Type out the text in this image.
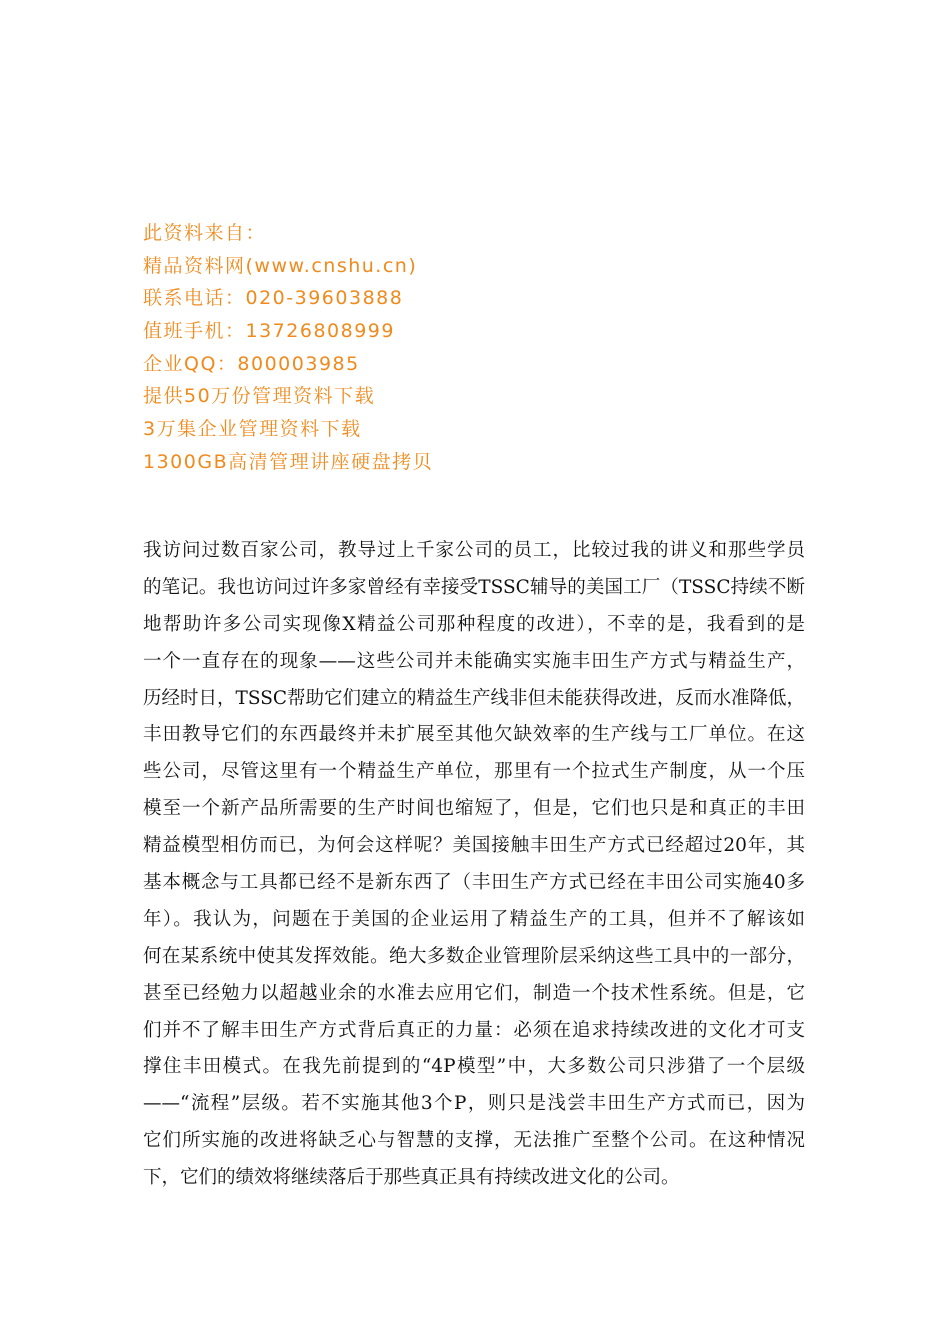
此资料来自：
精品资料网(www.cnshu.cn)
联系电话：020-39603888
值班手机：13726808999
企业QQ：800003985
提供50万份管理资料下载
3万集企业管理资料下载
1300GB高清管理讲座硬盘拷贝
我访问过数百家公司，教导过上千家公司的员工，比较过我的讲义和那些学员
的笔记。我也访问过许多家曾经有幸接受TSSC辅导的美国工厂（TSSC持续不断
地帮助许多公司实现像X精益公司那种程度的改进），不幸的是，我看到的是
一个一直存在的现象——这些公司并未能确实实施丰田生产方式与精益生产，
历经时日，TSSC帮助它们建立的精益生产线非但未能获得改进，反而水准降低，
丰田教导它们的东西最终并未扩展至其他欠缺效率的生产线与工厂单位。在这
些公司，尽管这里有一个精益生产单位，那里有一个拉式生产制度，从一个压
模至一个新产品所需要的生产时间也缩短了，但是，它们也只是和真正的丰田
精益模型相仿而已，为何会这样呢？美国接触丰田生产方式已经超过20年，其
基本概念与工具都已经不是新东西了（丰田生产方式已经在丰田公司实施40多
年）。我认为，问题在于美国的企业运用了精益生产的工具，但并不了解该如
何在某系统中使其发挥效能。绝大多数企业管理阶层采纳这些工具中的一部分，
甚至已经勉力以超越业余的水准去应用它们，制造一个技术性系统。但是，它
们并不了解丰田生产方式背后真正的力量：必须在追求持续改进的文化才可支
撑住丰田模式。在我先前提到的“4P模型”中，大多数公司只涉猎了一个层级
——“流程”层级。若不实施其他3个P，则只是浅尝丰田生产方式而已，因为
它们所实施的改进将缺乏心与智慧的支撑，无法推广至整个公司。在这种情况
下，它们的绩效将继续落后于那些真正具有持续改进文化的公司。
